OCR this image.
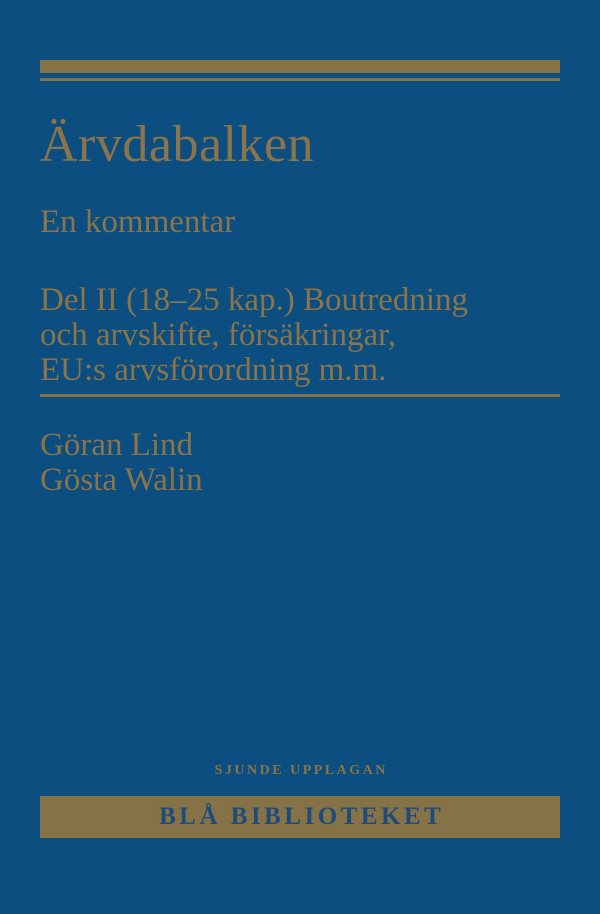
Ärvdabalken
En kommentar
Del II (18–25 kap.) Boutredning
och arvskifte, försäkringar,
EU:s arvsförordning m.m.
Göran Lind
Gösta Walin
SJUNDE UPPLAGAN
BLÅ BIBLIOTEKET
